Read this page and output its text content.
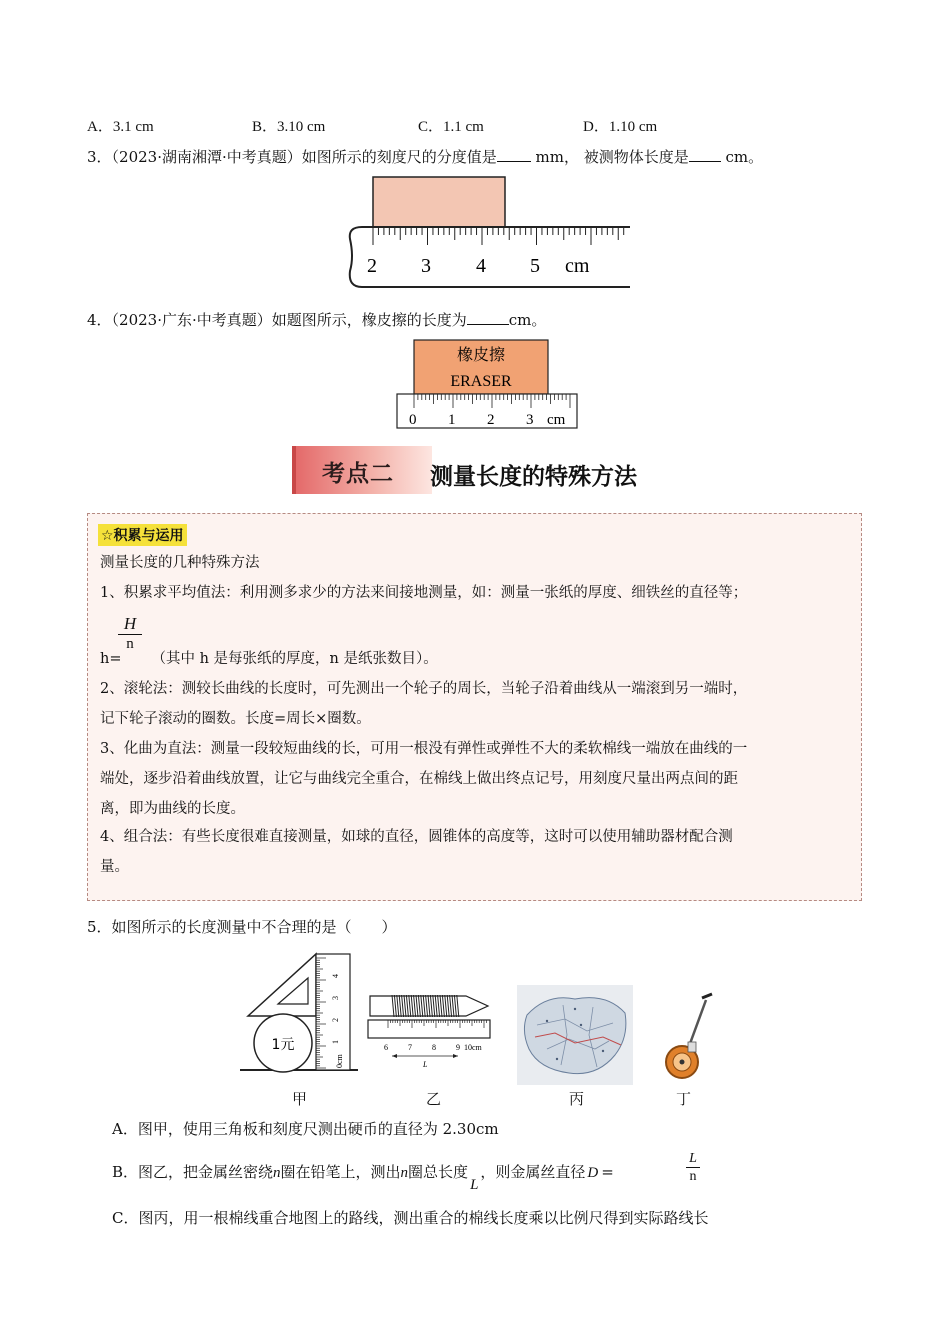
A．3.1 cm	B．3.10 cm	C．1.1 cm	D．1.10 cm
3．（2023·湖南湘潭·中考真题）如图所示的刻度尺的分度值是 mm， 被测物体长度是 cm。
2 3 4 5 cm
4．（2023·广东·中考真题）如题图所示，橡皮擦的长度为	cm。
橡皮擦
ERASER
0 1 2 3 cm
考点二 测量长度的特殊方法
☆积累与运用

测量长度的几种特殊方法

1、积累求平均值法：利用测多求少的方法来间接地测量，如：测量一张纸的厚度、细铁丝的直径等；

$\frac{H}{n}$

h= （其中 h 是每张纸的厚度，n 是纸张数目）。

2、滚轮法：测较长曲线的长度时，可先测出一个轮子的周长，当轮子沿着曲线从一端滚到另一端时，

记下轮子滚动的圈数。长度=周长×圈数。

3、化曲为直法：测量一段较短曲线的长，可用一根没有弹性或弹性不大的柔软棉线一端放在曲线的一

端处，逐步沿着曲线放置，让它与曲线完全重合，在棉线上做出终点记号，用刻度尺量出两点间的距

离，即为曲线的长度。

4、组合法：有些长度很难直接测量，如球的直径，圆锥体的高度等，这时可以使用辅助器材配合测

量。

5．如图所示的长度测量中不合理的是（　　）
1元
4
3
2
1
0cm
6	7	8	9 10cm
L
甲	乙	丙	丁
A．图甲，使用三角板和刻度尺测出硬币的直径为 2.30cm
B．图乙，把金属丝密绕n圈在铅笔上，测出n圈总长度L，则金属丝直径 D =	$\frac{L}{n}$
C．图丙，用一根棉线重合地图上的路线，测出重合的棉线长度乘以比例尺得到实际路线长
